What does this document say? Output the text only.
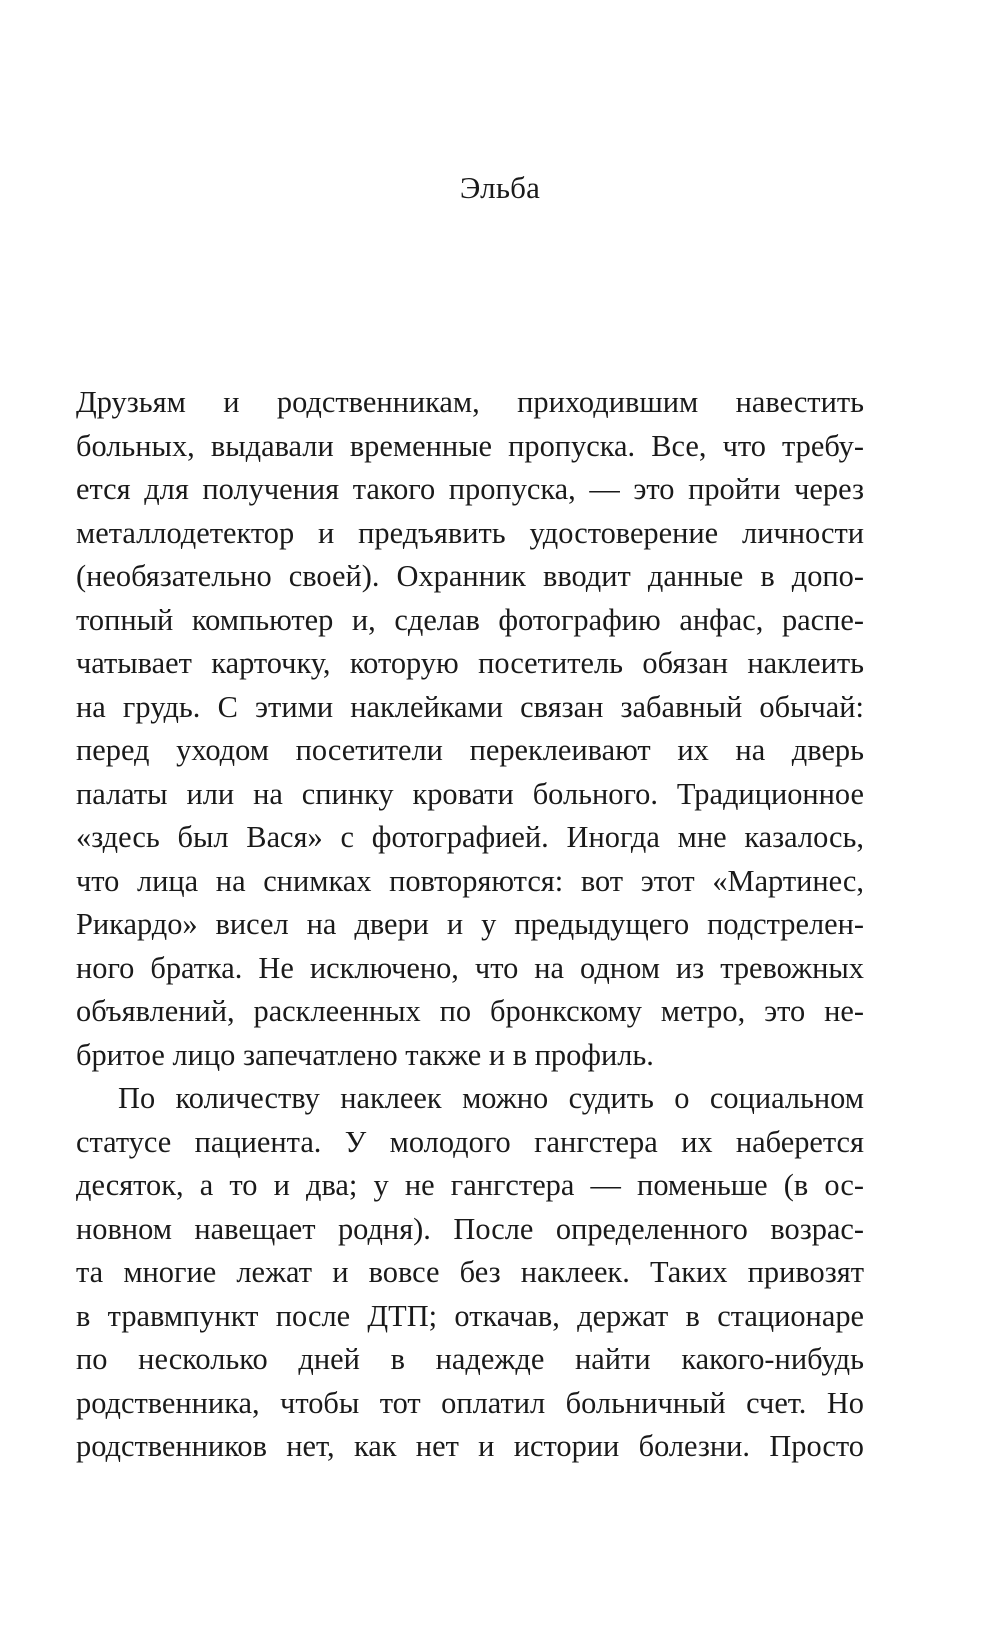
Эльба
Друзьям и родственникам, приходившим навестить
больных, выдавали временные пропуска. Все, что требу-
ется для получения такого пропуска, — это пройти через
металлодетектор и предъявить удостоверение личности
(необязательно своей). Охранник вводит данные в допо-
топный компьютер и, сделав фотографию анфас, распе-
чатывает карточку, которую посетитель обязан наклеить
на грудь. С этими наклейками связан забавный обычай:
перед уходом посетители переклеивают их на дверь
палаты или на спинку кровати больного. Традиционное
«здесь был Вася» с фотографией. Иногда мне казалось,
что лица на снимках повторяются: вот этот «Мартинес,
Рикардо» висел на двери и у предыдущего подстрелен-
ного братка. Не исключено, что на одном из тревожных
объявлений, расклеенных по бронкскому метро, это не-
бритое лицо запечатлено также и в профиль.
По количеству наклеек можно судить о социальном
статусе пациента. У молодого гангстера их наберется
десяток, а то и два; у не гангстера — поменьше (в ос-
новном навещает родня). После определенного возрас-
та многие лежат и вовсе без наклеек. Таких привозят
в травмпункт после ДТП; откачав, держат в стационаре
по несколько дней в надежде найти какого-нибудь
родственника, чтобы тот оплатил больничный счет. Но
родственников нет, как нет и истории болезни. Просто
